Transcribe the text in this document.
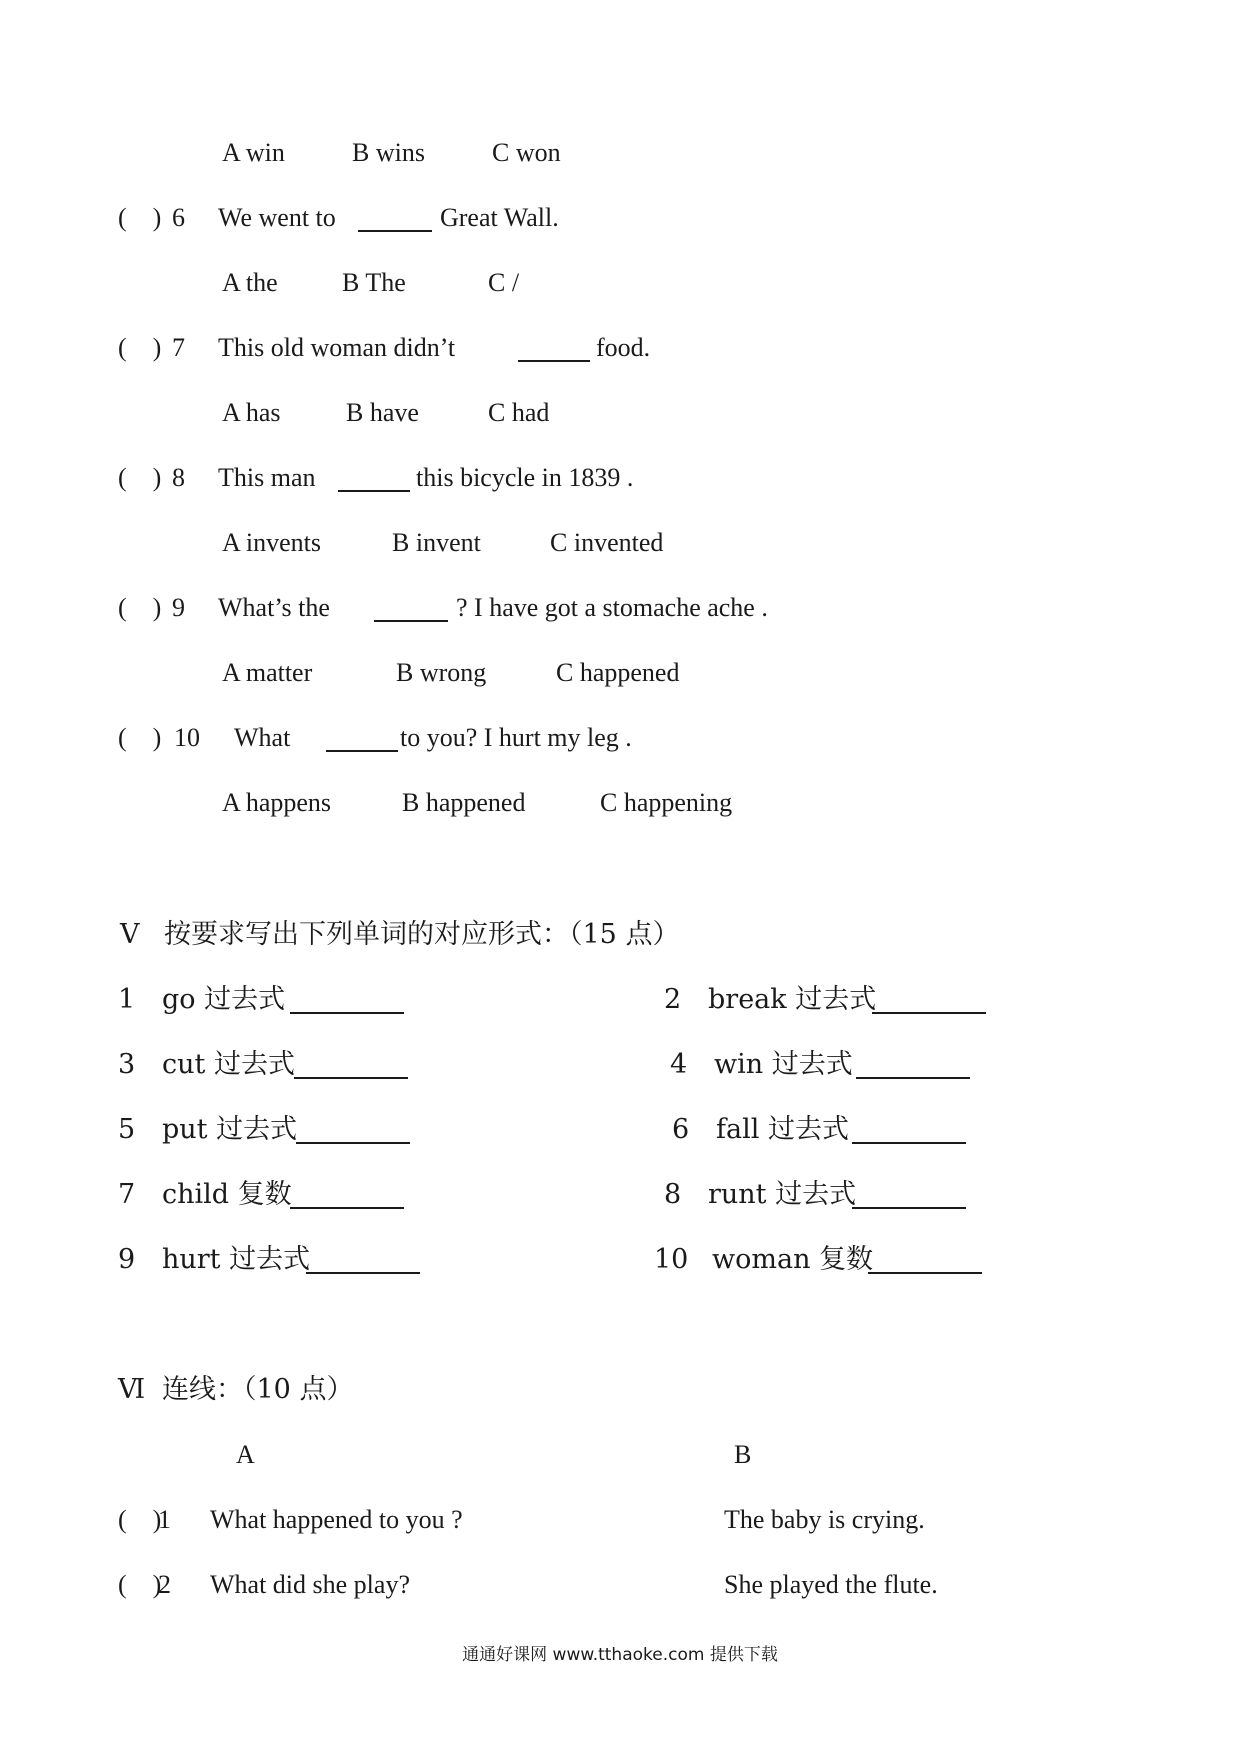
A win	B wins	C won
(    ) 6 We went to	Great Wall.
A the B The	C /
(    ) 7 This old woman didn’t	food.
A has	B have	C had
(    ) 8 This man	this bicycle in 1839 .
A invents	B invent	C invented
(    ) 9 What’s the	? I have got a stomache ache .
A matter	B wrong	C happened
(    ) 10 What	to you? I hurt my leg .
A happens	B happened	C happening
Ⅴ 按要求写出下列单词的对应形式：（15 点）
1 go 过去式	2 break 过去式
3 cut 过去式	4 win 过去式
5 put 过去式	6 fall 过去式
7 child 复数	8 runt 过去式
9 hurt 过去式	10 woman 复数
Ⅵ 连线：（10 点）
A	B
(    )
1 What happened to you ?	The baby is crying.
(    )
2 What did she play?	She played the flute.
通通好课网 www.tthaoke.com 提供下载
